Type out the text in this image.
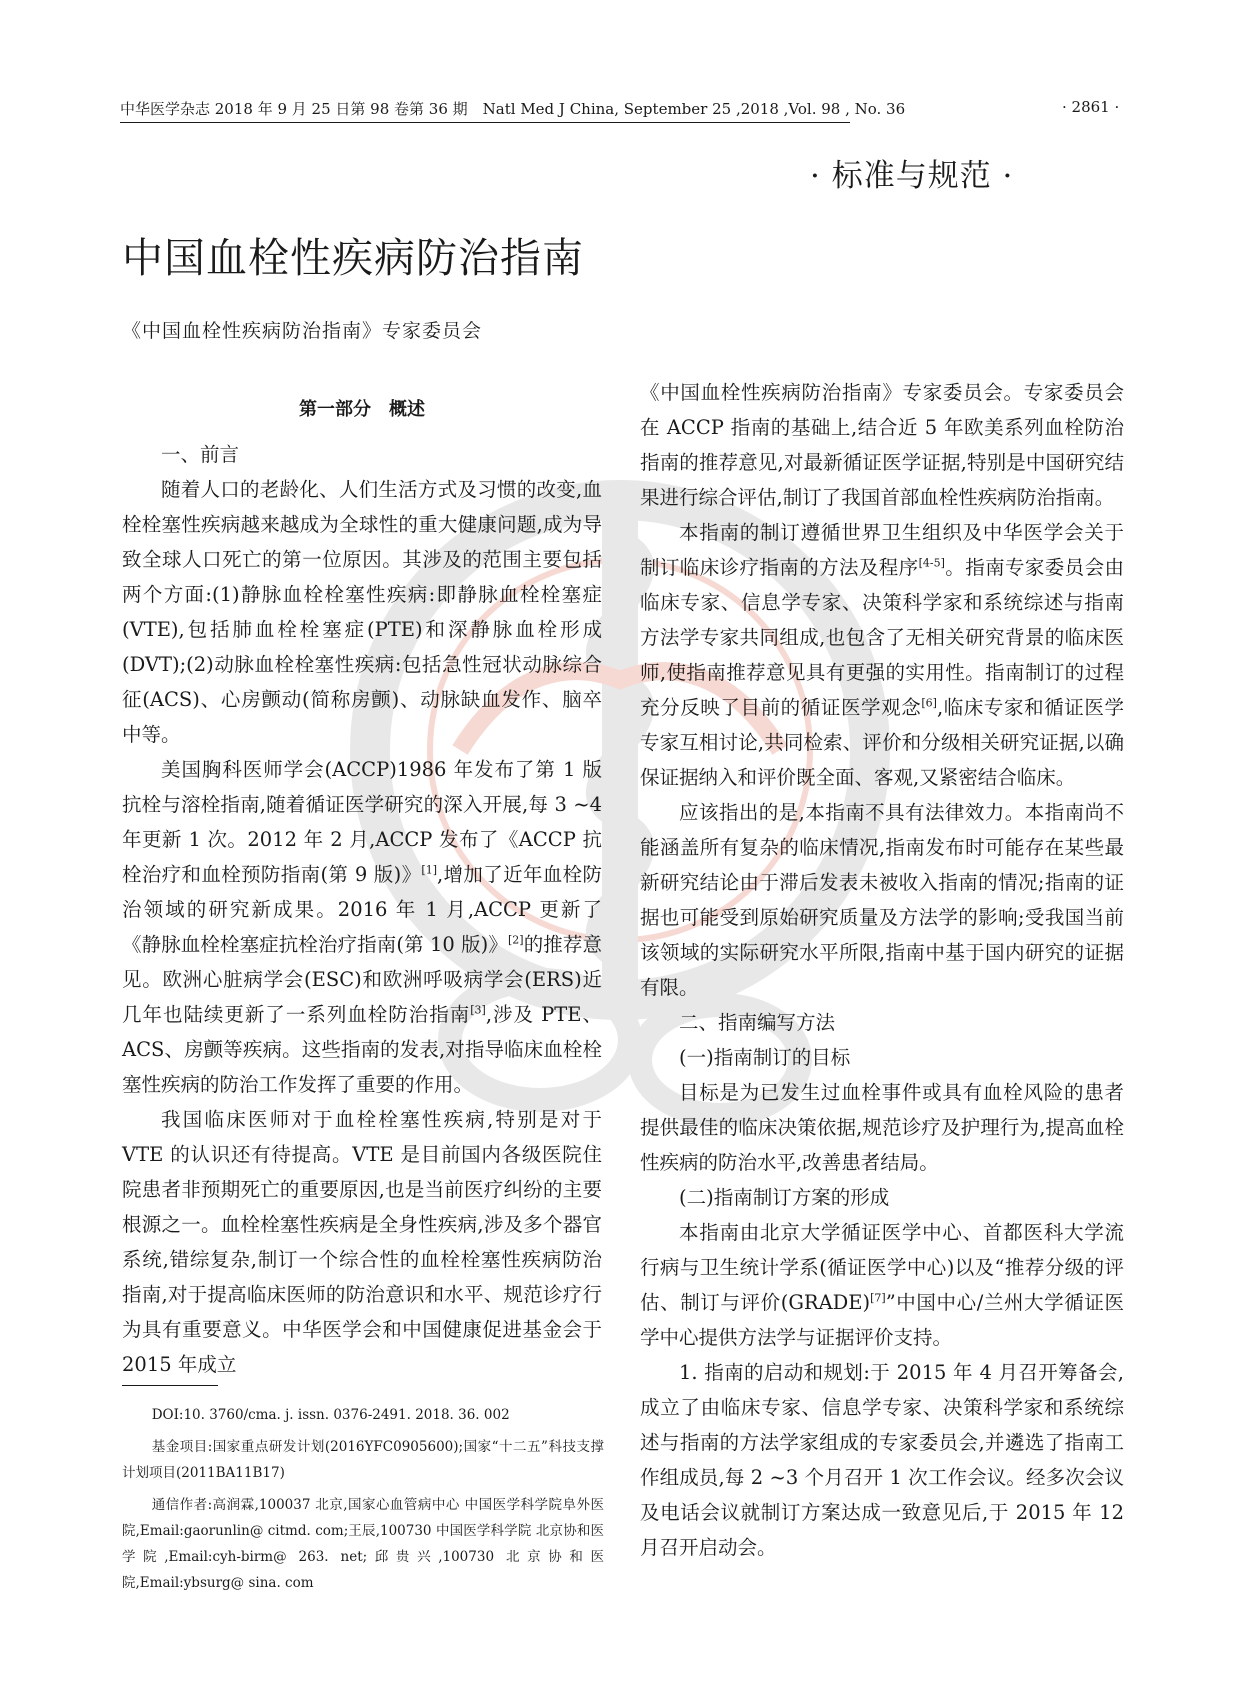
中华医学杂志 2018 年 9 月 25 日第 98 卷第 36 期　Natl Med J China, September 25 ,2018 ,Vol. 98 , No. 36	· 2861 ·
· 标准与规范 ·
中国血栓性疾病防治指南
《中国血栓性疾病防治指南》专家委员会

第一部分　概述

一、前言

随着人口的老龄化、人们生活方式及习惯的改变,血栓栓塞性疾病越来越成为全球性的重大健康问题,成为导致全球人口死亡的第一位原因。其涉及的范围主要包括两个方面:(1)静脉血栓栓塞性疾病:即静脉血栓栓塞症(VTE),包括肺血栓栓塞症(PTE)和深静脉血栓形成(DVT);(2)动脉血栓栓塞性疾病:包括急性冠状动脉综合征(ACS)、心房颤动(简称房颤)、动脉缺血发作、脑卒中等。

美国胸科医师学会(ACCP)1986 年发布了第 1 版抗栓与溶栓指南,随着循证医学研究的深入开展,每 3 ~4 年更新 1 次。2012 年 2 月,ACCP 发布了《ACCP 抗栓治疗和血栓预防指南(第 9 版)》[1],增加了近年血栓防治领域的研究新成果。2016 年 1 月,ACCP 更新了《静脉血栓栓塞症抗栓治疗指南(第 10 版)》[2]的推荐意见。欧洲心脏病学会(ESC)和欧洲呼吸病学会(ERS)近几年也陆续更新了一系列血栓防治指南[3],涉及 PTE、ACS、房颤等疾病。这些指南的发表,对指导临床血栓栓塞性疾病的防治工作发挥了重要的作用。

我国临床医师对于血栓栓塞性疾病,特别是对于 VTE 的认识还有待提高。VTE 是目前国内各级医院住院患者非预期死亡的重要原因,也是当前医疗纠纷的主要根源之一。血栓栓塞性疾病是全身性疾病,涉及多个器官系统,错综复杂,制订一个综合性的血栓栓塞性疾病防治指南,对于提高临床医师的防治意识和水平、规范诊疗行为具有重要意义。中华医学会和中国健康促进基金会于 2015 年成立

《中国血栓性疾病防治指南》专家委员会。专家委员会在 ACCP 指南的基础上,结合近 5 年欧美系列血栓防治指南的推荐意见,对最新循证医学证据,特别是中国研究结果进行综合评估,制订了我国首部血栓性疾病防治指南。

本指南的制订遵循世界卫生组织及中华医学会关于制订临床诊疗指南的方法及程序[4-5]。指南专家委员会由临床专家、信息学专家、决策科学家和系统综述与指南方法学专家共同组成,也包含了无相关研究背景的临床医师,使指南推荐意见具有更强的实用性。指南制订的过程充分反映了目前的循证医学观念[6],临床专家和循证医学专家互相讨论,共同检索、评价和分级相关研究证据,以确保证据纳入和评价既全面、客观,又紧密结合临床。

应该指出的是,本指南不具有法律效力。本指南尚不能涵盖所有复杂的临床情况,指南发布时可能存在某些最新研究结论由于滞后发表未被收入指南的情况;指南的证据也可能受到原始研究质量及方法学的影响;受我国当前该领域的实际研究水平所限,指南中基于国内研究的证据有限。

二、指南编写方法

(一)指南制订的目标

目标是为已发生过血栓事件或具有血栓风险的患者提供最佳的临床决策依据,规范诊疗及护理行为,提高血栓性疾病的防治水平,改善患者结局。

(二)指南制订方案的形成

本指南由北京大学循证医学中心、首都医科大学流行病与卫生统计学系(循证医学中心)以及“推荐分级的评估、制订与评价(GRADE)[7]”中国中心/兰州大学循证医学中心提供方法学与证据评价支持。

1. 指南的启动和规划:于 2015 年 4 月召开筹备会,成立了由临床专家、信息学专家、决策科学家和系统综述与指南的方法学家组成的专家委员会,并遴选了指南工作组成员,每 2 ~3 个月召开 1 次工作会议。经多次会议及电话会议就制订方案达成一致意见后,于 2015 年 12 月召开启动会。

DOI:10. 3760/cma. j. issn. 0376-2491. 2018. 36. 002

基金项目:国家重点研发计划(2016YFC0905600);国家“十二五”科技支撑计划项目(2011BA11B17)

通信作者:高润霖,100037 北京,国家心血管病中心 中国医学科学院阜外医院,Email:gaorunlin@ citmd. com;王辰,100730 中国医学科学院 北京协和医学院,Email:cyh-birm@ 263. net;邱贵兴,100730 北京协和医院,Email:ybsurg@ sina. com
